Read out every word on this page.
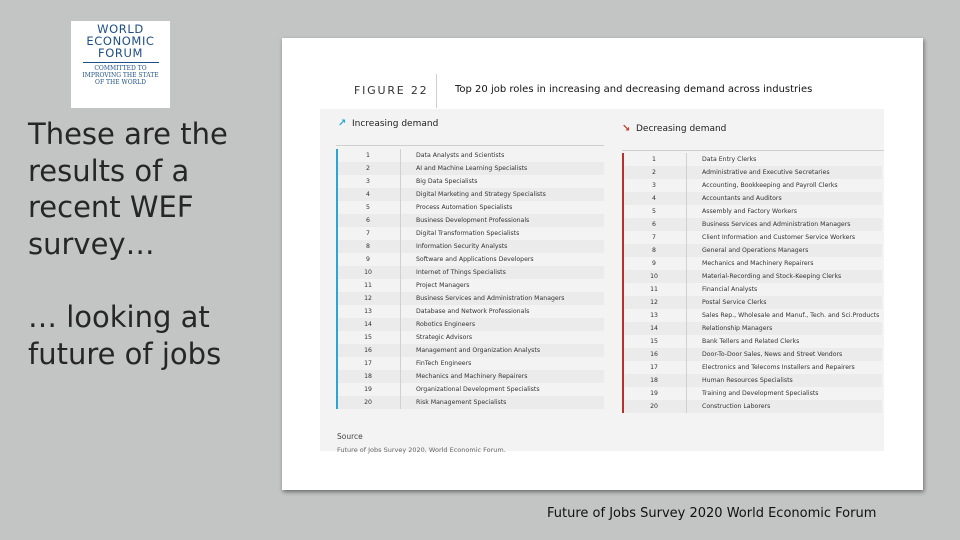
WORLD
ECONOMIC
FORUM
COMMITTED TO
IMPROVING THE STATE
OF THE WORLD

These are the

results of a

recent WEF

survey…

… looking at

future of jobs

FIGURE 22	Top 20 job roles in increasing and decreasing demand across industries
↗ Increasing demand	↘ Decreasing demand
1	Data Analysts and Scientists
2	AI and Machine Learning Specialists
3	Big Data Specialists
4	Digital Marketing and Strategy Specialists
5	Process Automation Specialists
6	Business Development Professionals
7	Digital Transformation Specialists
8	Information Security Analysts
9	Software and Applications Developers
10	Internet of Things Specialists
11	Project Managers
12	Business Services and Administration Managers
13	Database and Network Professionals
14	Robotics Engineers
15	Strategic Advisors
16	Management and Organization Analysts
17	FinTech Engineers
18	Mechanics and Machinery Repairers
19	Organizational Development Specialists
20	Risk Management Specialists
1	Data Entry Clerks
2	Administrative and Executive Secretaries
3	Accounting, Bookkeeping and Payroll Clerks
4	Accountants and Auditors
5	Assembly and Factory Workers
6	Business Services and Administration Managers
7	Client Information and Customer Service Workers
8	General and Operations Managers
9	Mechanics and Machinery Repairers
10	Material-Recording and Stock-Keeping Clerks
11	Financial Analysts
12	Postal Service Clerks
13	Sales Rep., Wholesale and Manuf., Tech. and Sci.Products
14	Relationship Managers
15	Bank Tellers and Related Clerks
16	Door-To-Door Sales, News and Street Vendors
17	Electronics and Telecoms Installers and Repairers
18	Human Resources Specialists
19	Training and Development Specialists
20	Construction Laborers
Source
Future of Jobs Survey 2020, World Economic Forum.
Future of Jobs Survey 2020 World Economic Forum
